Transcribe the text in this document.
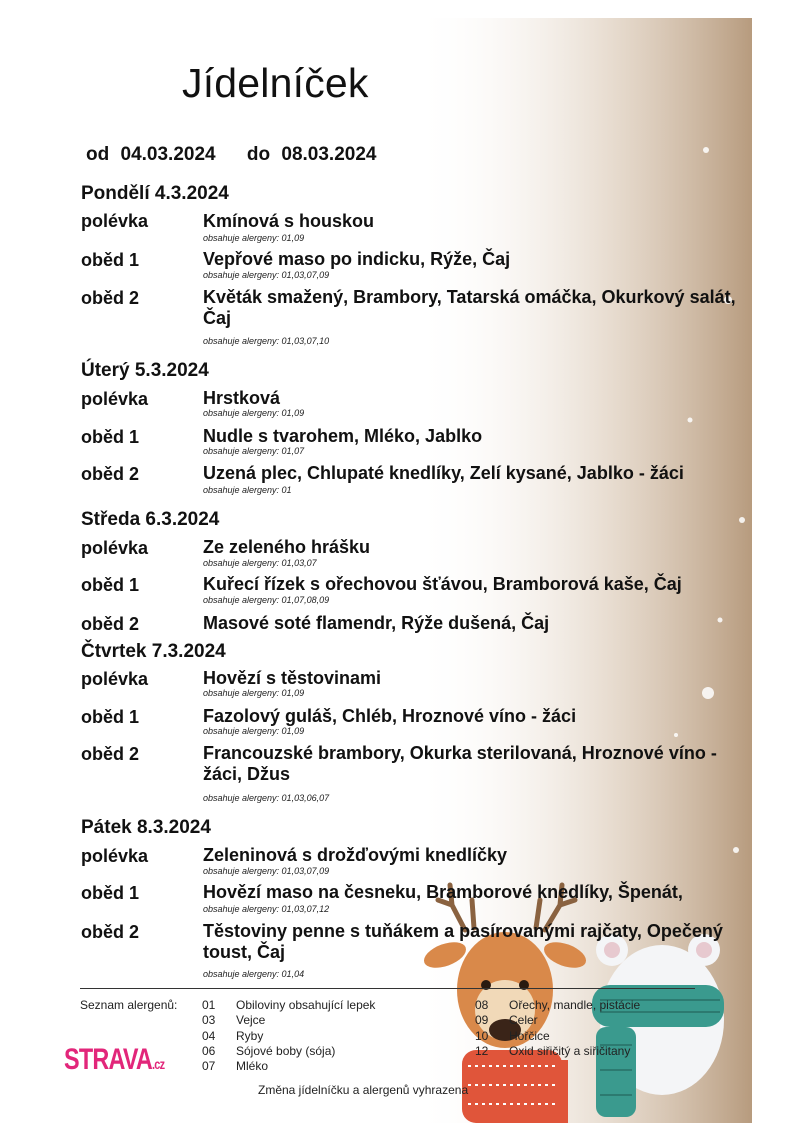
Jídelníček
od 04.03.2024 do 08.03.2024
Pondělí 4.3.2024
polévka	Kmínová s houskou
obsahuje alergeny: 01,09
oběd 1	Vepřové maso po indicku, Rýže, Čaj
obsahuje alergeny: 01,03,07,09
oběd 2	Květák smažený, Brambory, Tatarská omáčka, Okurkový salát, Čaj
obsahuje alergeny: 01,03,07,10
Úterý 5.3.2024
polévka	Hrstková
obsahuje alergeny: 01,09
oběd 1	Nudle s tvarohem, Mléko, Jablko
obsahuje alergeny: 01,07
oběd 2	Uzená plec, Chlupaté knedlíky, Zelí kysané, Jablko - žáci
obsahuje alergeny: 01
Středa 6.3.2024
polévka	Ze zeleného hrášku
obsahuje alergeny: 01,03,07
oběd 1	Kuřecí řízek s ořechovou šťávou, Bramborová kaše, Čaj
obsahuje alergeny: 01,07,08,09
oběd 2	Masové soté flamendr, Rýže dušená, Čaj
Čtvrtek 7.3.2024
polévka	Hovězí s těstovinami
obsahuje alergeny: 01,09
oběd 1	Fazolový guláš, Chléb, Hroznové víno - žáci
obsahuje alergeny: 01,09
oběd 2	Francouzské brambory, Okurka sterilovaná, Hroznové víno - žáci, Džus
obsahuje alergeny: 01,03,06,07
Pátek 8.3.2024
polévka	Zeleninová s drožďovými knedlíčky
obsahuje alergeny: 01,03,07,09
oběd 1	Hovězí maso na česneku, Bramborové knedlíky, Špenát,
obsahuje alergeny: 01,03,07,12
oběd 2	Těstoviny penne s tuňákem a pasírovanými rajčaty, Opečený toust, Čaj
obsahuje alergeny: 01,04
Seznam alergenů: 01 Obiloviny obsahující lepek
03 Vejce
04 Ryby
06 Sójové boby (sója)
07 Mléko
08 Ořechy, mandle, pistácie
09 Celer
10 Hořčice
12 Oxid siřičitý a siřičitany
STRAVA.cz
Změna jídelníčku a alergenů vyhrazena
